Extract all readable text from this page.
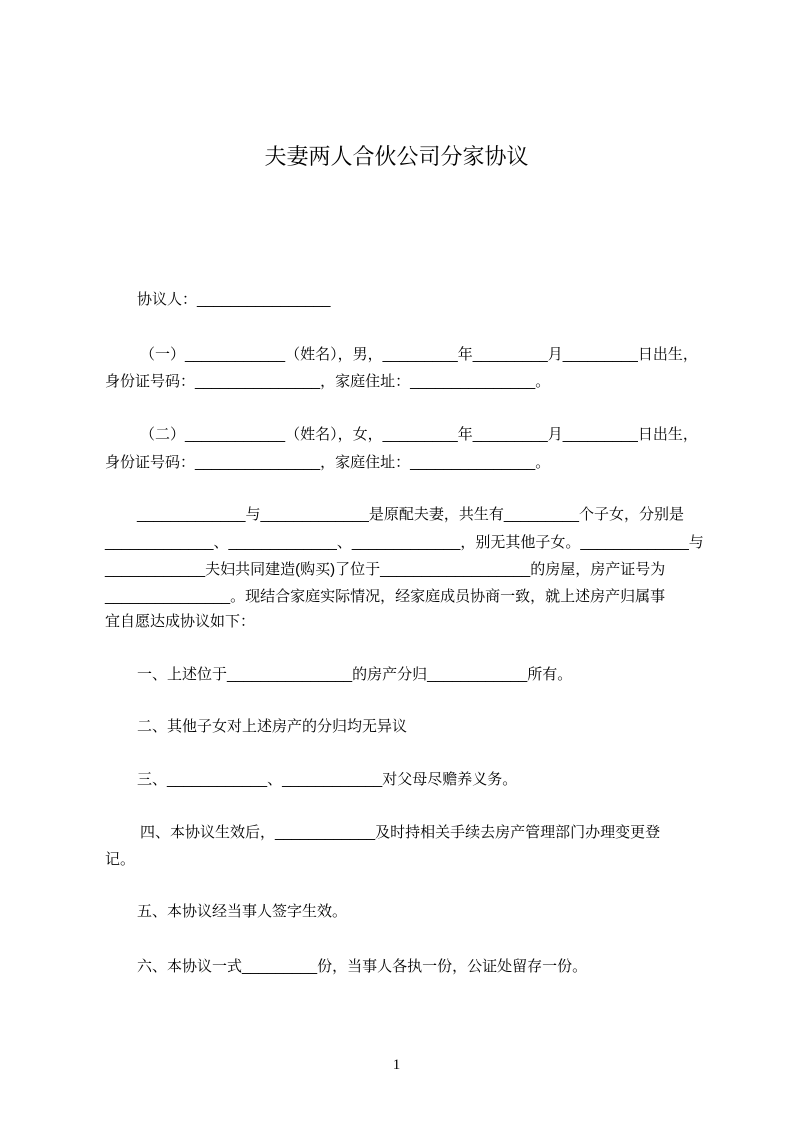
夫妻两人合伙公司分家协议
协议人：________________
（一）____________（姓名），男，_________年_________月_________日出生，
身份证号码：_______________，家庭住址：_______________。
（二）____________（姓名），女，_________年_________月_________日出生，
身份证号码：_______________，家庭住址：_______________。
_____________与_____________是原配夫妻，共生有_________个子女，分别是
_____________、_____________、_____________，别无其他子女。_____________与
____________夫妇共同建造(购买)了位于__________________的房屋，房产证号为
_______________。现结合家庭实际情况，经家庭成员协商一致，就上述房产归属事
宜自愿达成协议如下：
一、上述位于_______________的房产分归____________所有。
二、其他子女对上述房产的分归均无异议
三、____________、____________对父母尽赡养义务。
四、本协议生效后，____________及时持相关手续去房产管理部门办理变更登
记。
五、本协议经当事人签字生效。
六、本协议一式_________份，当事人各执一份，公证处留存一份。
1
